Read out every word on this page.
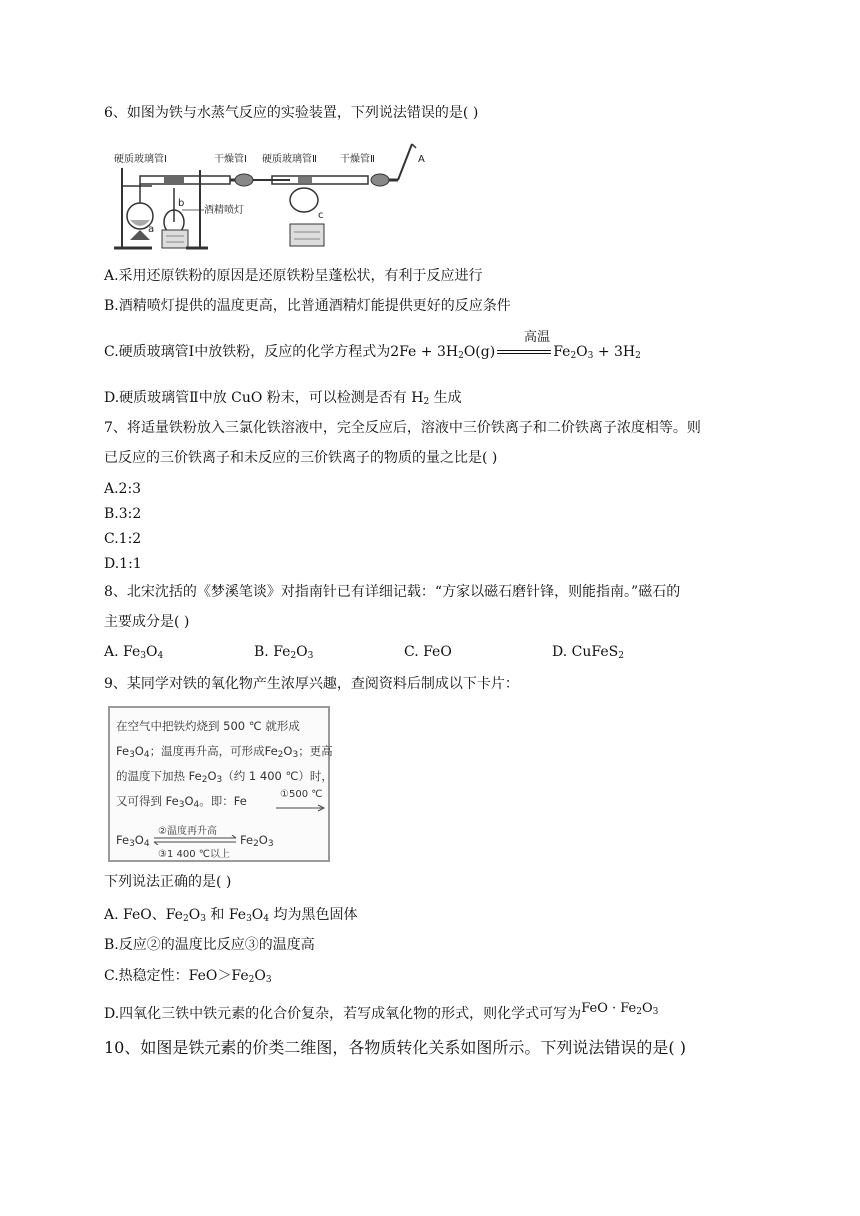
6、如图为铁与水蒸气反应的实验装置，下列说法错误的是( )
硬质玻璃管Ⅰ	干燥管Ⅰ 硬质玻璃管Ⅱ 干燥管Ⅱ	A
a
b
酒精喷灯	c
A.采用还原铁粉的原因是还原铁粉呈蓬松状，有利于反应进行
B.酒精喷灯提供的温度更高，比普通酒精灯能提供更好的反应条件
高温
C.硬质玻璃管Ⅰ中放铁粉，反应的化学方程式为$2Fe + 3H_2O(g)$	$Fe_2O_3 + 3H_2$
D.硬质玻璃管Ⅱ中放 CuO 粉末，可以检测是否有 $H_2$ 生成
7、将适量铁粉放入三氯化铁溶液中，完全反应后，溶液中三价铁离子和二价铁离子浓度相等。则
已反应的三价铁离子和未反应的三价铁离子的物质的量之比是( )
A.2:3
B.3:2
C.1:2
D.1:1
8、北宋沈括的《梦溪笔谈》对指南针已有详细记载：“方家以磁石磨针锋，则能指南。”磁石的
主要成分是( )
A. $Fe_3O_4$	B. $Fe_2O_3$	C. FeO	D. CuFeS$_2$
9、某同学对铁的氧化物产生浓厚兴趣，查阅资料后制成以下卡片：
在空气中把铁灼烧到 500 ℃ 就形成
$Fe_3O_4$；温度再升高，可形成$Fe_2O_3$；更高
的温度下加热 $Fe_2O_3$（约 1 400 ℃）时，
又可得到 $Fe_3O_4$。即：Fe	①500 ℃
$Fe_3O_4$
②温度再升高
③1 400 ℃以上
$Fe_2O_3$
下列说法正确的是( )
A. FeO、$Fe_2O_3$ 和 $Fe_3O_4$ 均为黑色固体
B.反应②的温度比反应③的温度高
C.热稳定性：$FeO>Fe_2O_3$
D.四氧化三铁中铁元素的化合价复杂，若写成氧化物的形式，则化学式可写为FeO · $Fe_2O_3$
10、如图是铁元素的价类二维图，各物质转化关系如图所示。下列说法错误的是( )
